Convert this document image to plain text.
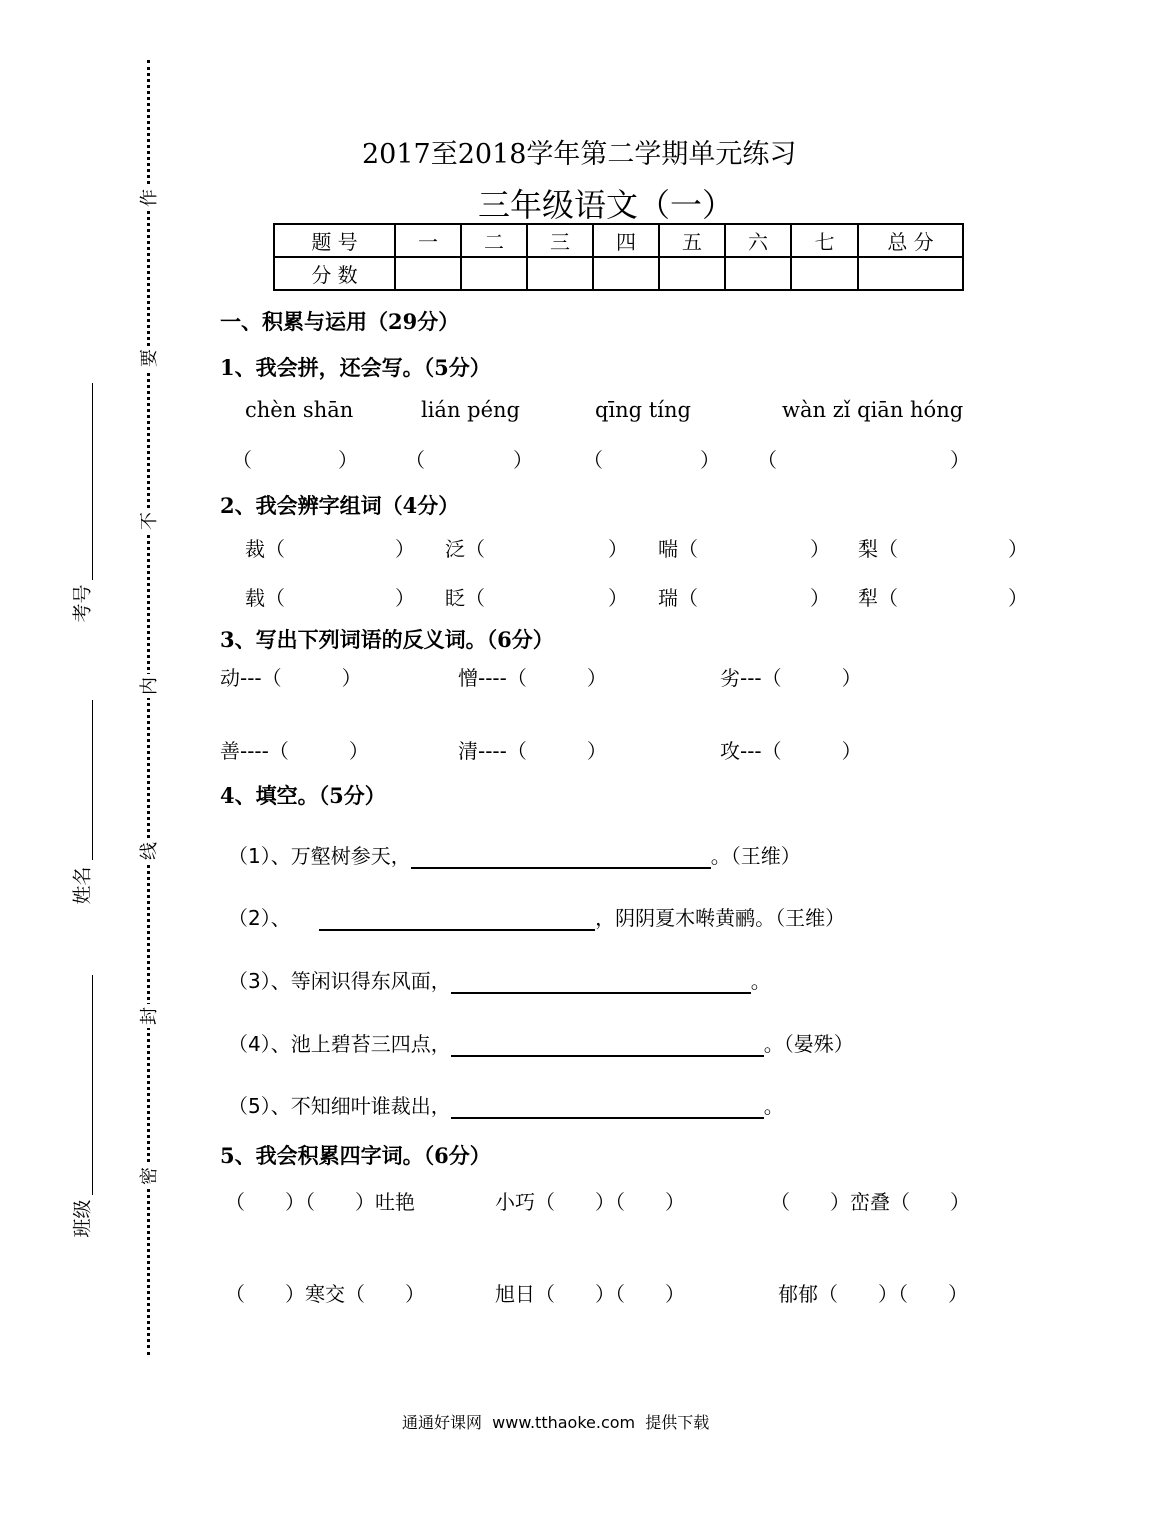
作
要
不
内
线
封
密
考号
姓名
班级
2017至2018学年第二学期单元练习
三年级语文（一）
题 号	一	二	三	四	五	六	七	总 分
分 数								
一、积累与运用（29分）
1、我会拼，还会写。（5分）
chèn shān	lián péng	qīng tíng	wàn zǐ qiān hóng
（	） （	）	（	） （	）
2、我会辨字组词（4分）
裁（	） 泛（	） 喘（	） 梨（	）
载（	） 眨（	） 瑞（	） 犁（	）
3、写出下列词语的反义词。（6分）
动---（　　　）	憎----（　　　）	劣---（　　　）
善----（　　　）	清----（　　　）	攻---（　　　）
4、填空。（5分）
（1）、万壑树参天，	。（王维）
（2）、	，阴阴夏木啭黄鹂。（王维）
（3）、等闲识得东风面，	。
（4）、池上碧苔三四点，	。（晏殊）
（5）、不知细叶谁裁出，	。
5、我会积累四字词。（6分）
（　　）（　　）吐艳	小巧（　　）（　　）	（　　）峦叠（　　）
（　　）寒交（　　）	旭日（　　）（　　）	郁郁（　　）（　　）
通通好课网  www.tthaoke.com  提供下载
